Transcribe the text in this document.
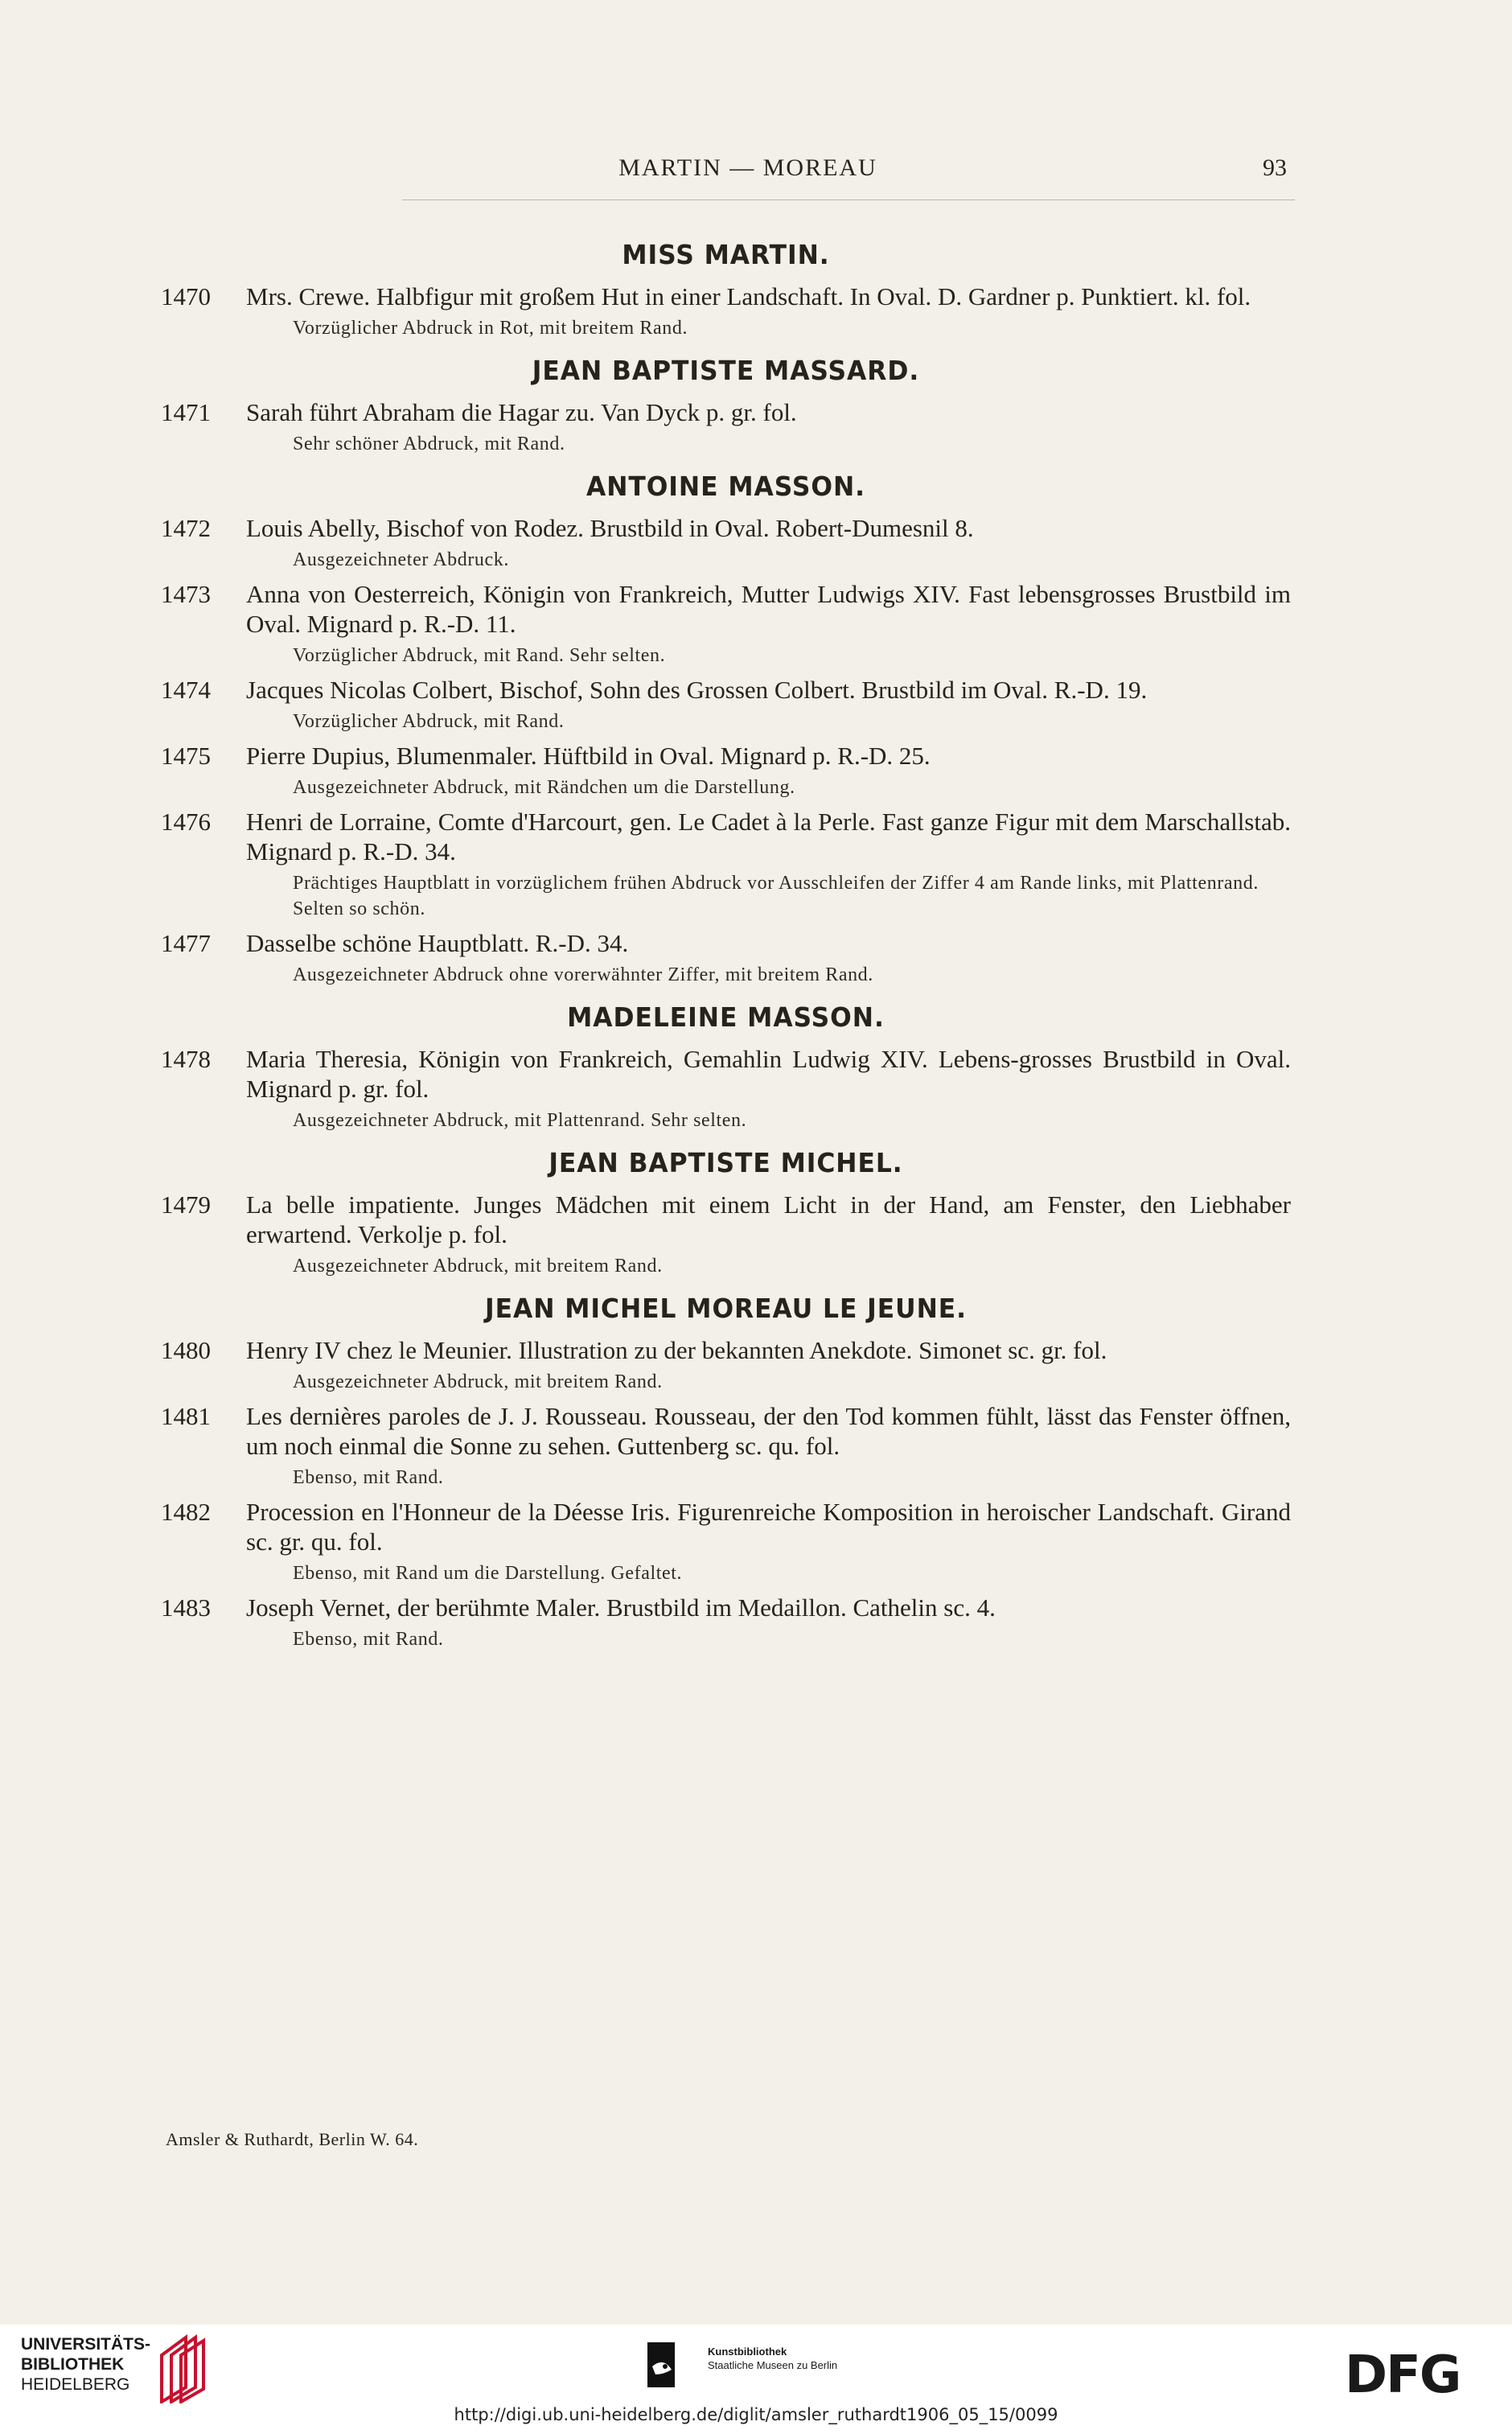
MARTIN — MOREAU	93
MISS MARTIN.
1470 Mrs. Crewe. Halbfigur mit großem Hut in einer Landschaft. In Oval. D. Gardner p. Punktiert. kl. fol.
Vorzüglicher Abdruck in Rot, mit breitem Rand.
JEAN BAPTISTE MASSARD.
1471 Sarah führt Abraham die Hagar zu. Van Dyck p. gr. fol.
Sehr schöner Abdruck, mit Rand.
ANTOINE MASSON.
1472 Louis Abelly, Bischof von Rodez. Brustbild in Oval. Robert-Dumesnil 8.
Ausgezeichneter Abdruck.
1473 Anna von Oesterreich, Königin von Frankreich, Mutter Ludwigs XIV. Fast lebensgrosses Brustbild im Oval. Mignard p. R.-D. 11.
Vorzüglicher Abdruck, mit Rand. Sehr selten.
1474 Jacques Nicolas Colbert, Bischof, Sohn des Grossen Colbert. Brustbild im Oval. R.-D. 19.
Vorzüglicher Abdruck, mit Rand.
1475 Pierre Dupius, Blumenmaler. Hüftbild in Oval. Mignard p. R.-D. 25.
Ausgezeichneter Abdruck, mit Rändchen um die Darstellung.
1476 Henri de Lorraine, Comte d'Harcourt, gen. Le Cadet à la Perle. Fast ganze Figur mit dem Marschallstab. Mignard p. R.-D. 34.
Prächtiges Hauptblatt in vorzüglichem frühen Abdruck vor Ausschleifen der Ziffer 4 am Rande links, mit Plattenrand. Selten so schön.
1477 Dasselbe schöne Hauptblatt. R.-D. 34.
Ausgezeichneter Abdruck ohne vorerwähnter Ziffer, mit breitem Rand.
MADELEINE MASSON.
1478 Maria Theresia, Königin von Frankreich, Gemahlin Ludwig XIV. Lebens-grosses Brustbild in Oval. Mignard p. gr. fol.
Ausgezeichneter Abdruck, mit Plattenrand. Sehr selten.
JEAN BAPTISTE MICHEL.
1479 La belle impatiente. Junges Mädchen mit einem Licht in der Hand, am Fenster, den Liebhaber erwartend. Verkolje p. fol.
Ausgezeichneter Abdruck, mit breitem Rand.
JEAN MICHEL MOREAU LE JEUNE.
1480 Henry IV chez le Meunier. Illustration zu der bekannten Anekdote. Simonet sc. gr. fol.
Ausgezeichneter Abdruck, mit breitem Rand.
1481 Les dernières paroles de J. J. Rousseau. Rousseau, der den Tod kommen fühlt, lässt das Fenster öffnen, um noch einmal die Sonne zu sehen. Guttenberg sc. qu. fol.
Ebenso, mit Rand.
1482 Procession en l'Honneur de la Déesse Iris. Figurenreiche Komposition in heroischer Landschaft. Girand sc. gr. qu. fol.
Ebenso, mit Rand um die Darstellung. Gefaltet.
1483 Joseph Vernet, der berühmte Maler. Brustbild im Medaillon. Cathelin sc. 4.
Ebenso, mit Rand.
Amsler & Ruthardt, Berlin W. 64.
UNIVERSITÄTS-
BIBLIOTHEK
HEIDELBERG
Kunstbibliothek
Staatliche Museen zu Berlin	DFG
http://digi.ub.uni-heidelberg.de/diglit/amsler_ruthardt1906_05_15/0099
